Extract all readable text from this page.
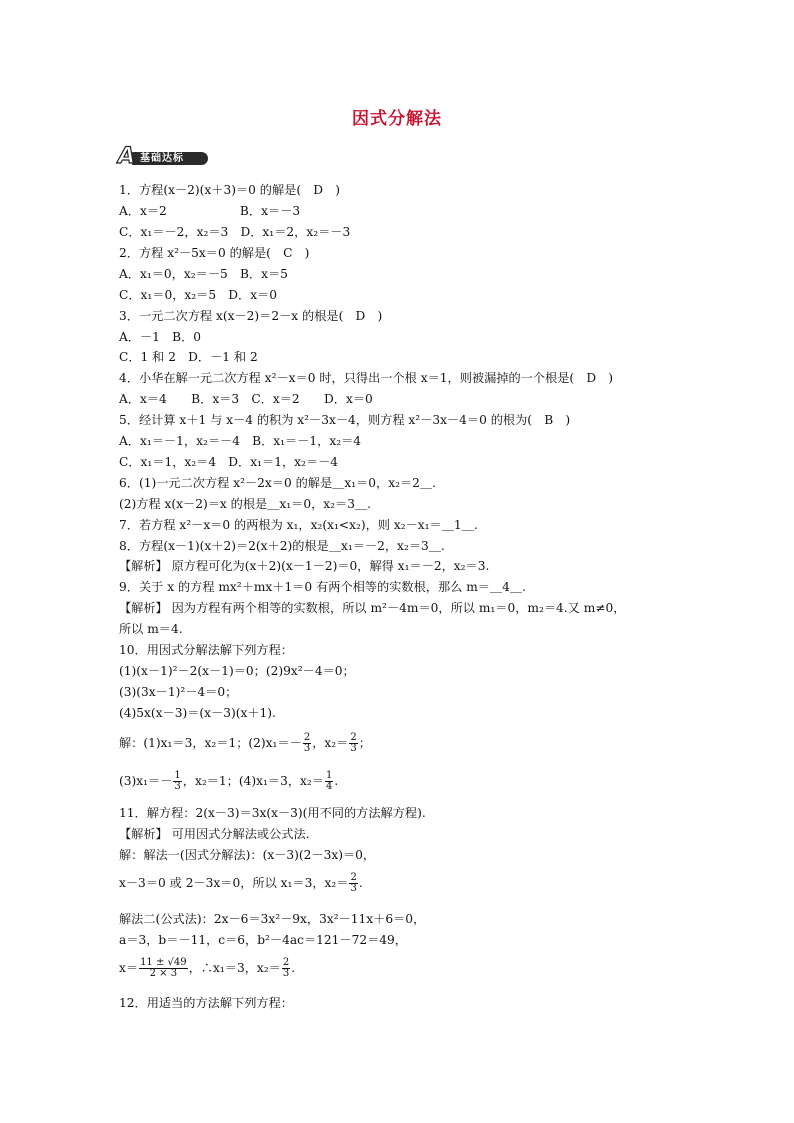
因式分解法
基础达标
A
1．方程(x－2)(x＋3)＝0 的解是(　D　)
A．x＝2　　　　　　B．x＝－3
C．x₁＝－2，x₂＝3　D．x₁＝2，x₂＝－3
2．方程 x²－5x＝0 的解是(　C　)
A．x₁＝0，x₂＝－5　B．x＝5
C．x₁＝0，x₂＝5　D．x＝0
3．一元二次方程 x(x－2)＝2－x 的根是(　D　)
A．－1　B．0
C．1 和 2　D．－1 和 2
4．小华在解一元二次方程 x²－x＝0 时，只得出一个根 x＝1，则被漏掉的一个根是(　D　)
A．x＝4　　B．x＝3　C．x＝2　　D．x＝0
5．经计算 x＋1 与 x－4 的积为 x²－3x－4，则方程 x²－3x－4＝0 的根为(　B　)
A．x₁＝－1，x₂＝－4　B．x₁＝－1，x₂＝4
C．x₁＝1，x₂＝4　D．x₁＝1，x₂＝－4
6．(1)一元二次方程 x²－2x＝0 的解是＿x₁＝0，x₂＝2＿.
(2)方程 x(x－2)＝x 的根是＿x₁＝0，x₂＝3＿.
7．若方程 x²－x＝0 的两根为 x₁，x₂(x₁<x₂)，则 x₂－x₁＝＿1＿.
8．方程(x－1)(x＋2)＝2(x＋2)的根是＿x₁＝－2，x₂＝3＿.
【解析】 原方程可化为(x＋2)(x－1－2)＝0，解得 x₁＝－2，x₂＝3.
9．关于 x 的方程 mx²＋mx＋1＝0 有两个相等的实数根，那么 m＝＿4＿.
【解析】 因为方程有两个相等的实数根，所以 m²－4m＝0，所以 m₁＝0，m₂＝4.又 m≠0，
所以 m＝4.
10．用因式分解法解下列方程：
(1)(x－1)²－2(x－1)＝0；(2)9x²－4＝0；
(3)(3x－1)²－4＝0；
(4)5x(x－3)＝(x－3)(x＋1).
解：(1)x₁＝3，x₂＝1；$(2)x_1=- \frac{2}{3}$ ，$x_2= \frac{2}{3}$ ；
$(3)x_1=- \frac{1}{3}$ ，x₂＝1；(4)x₁＝3，$x_2= \frac{1}{4}$ .
11．解方程：2(x－3)＝3x(x－3)(用不同的方法解方程).
【解析】 可用因式分解法或公式法.
解：解法一(因式分解法)：(x－3)(2－3x)＝0，
x－3＝0 或 2－3x＝0，所以 x₁＝3，$x_2= \frac{2}{3}$ .
解法二(公式法)：2x－6＝3x²－9x，3x²－11x＋6＝0，
a＝3，b＝－11，c＝6，b²－4ac＝121－72＝49，
$x= \frac{11 \pm √49}{2 \times 3}$ ，∴x₁＝3，$x_2= \frac{2}{3}$ .
12．用适当的方法解下列方程：
